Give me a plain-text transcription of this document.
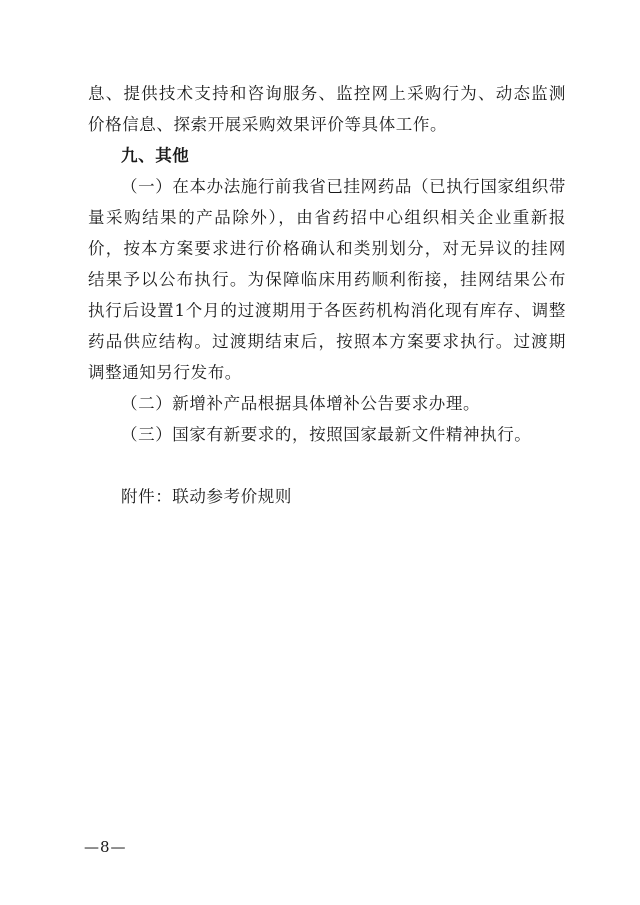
息、提供技术支持和咨询服务、监控网上采购行为、动态监测价格信息、探索开展采购效果评价等具体工作。

九、其他

（一）在本办法施行前我省已挂网药品（已执行国家组织带量采购结果的产品除外），由省药招中心组织相关企业重新报价，按本方案要求进行价格确认和类别划分，对无异议的挂网结果予以公布执行。为保障临床用药顺利衔接，挂网结果公布执行后设置1个月的过渡期用于各医药机构消化现有库存、调整药品供应结构。过渡期结束后，按照本方案要求执行。过渡期调整通知另行发布。

（二）新增补产品根据具体增补公告要求办理。

（三）国家有新要求的，按照国家最新文件精神执行。

附件：联动参考价规则

—8—
